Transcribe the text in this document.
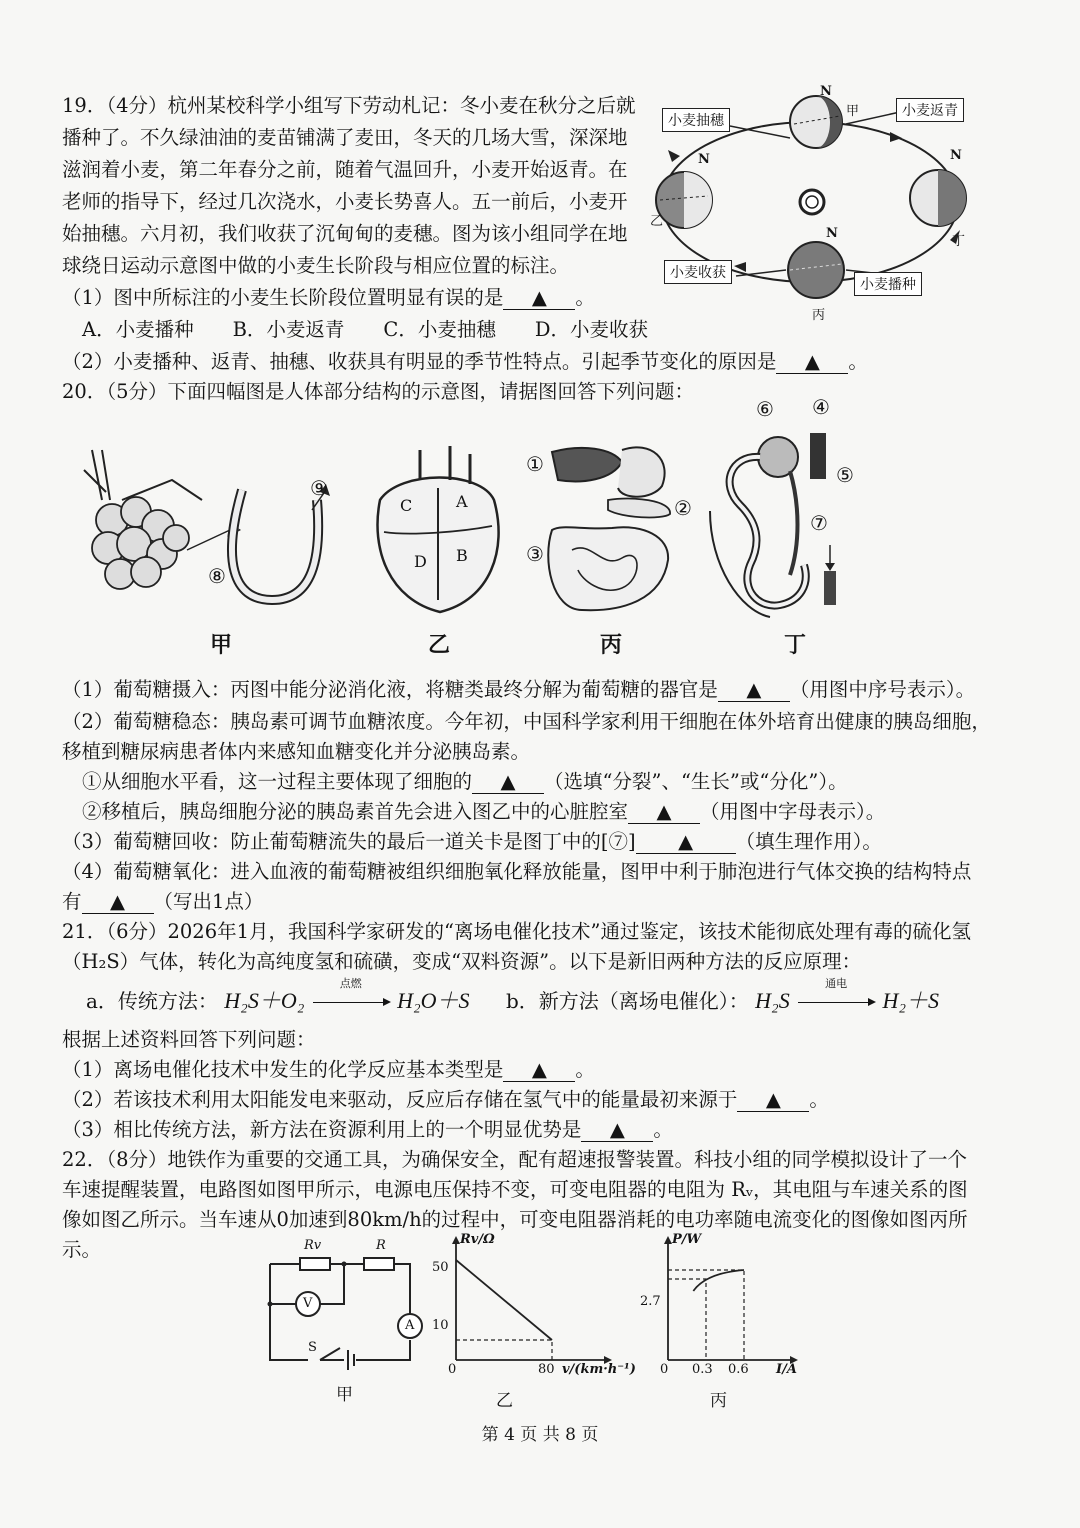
19．（4分）杭州某校科学小组写下劳动札记：冬小麦在秋分之后就
播种了。不久绿油油的麦苗铺满了麦田，冬天的几场大雪，深深地
滋润着小麦，第二年春分之前，随着气温回升，小麦开始返青。在
老师的指导下，经过几次浇水，小麦长势喜人。五一前后，小麦开
始抽穗。六月初，我们收获了沉甸甸的麦穗。图为该小组同学在地
球绕日运动示意图中做的小麦生长阶段与相应位置的标注。
（1）图中所标注的小麦生长阶段位置明显有误的是 ▲ 。
A．小麦播种　　B．小麦返青　　C．小麦抽穗　　D．小麦收获
（2）小麦播种、返青、抽穗、收获具有明显的季节性特点。引起季节变化的原因是 ▲ 。
小麦抽穗
小麦返青
小麦收获
小麦播种
甲
乙
丙
丁
N
N	N
N
20．（5分）下面四幅图是人体部分结构的示意图，请据图回答下列问题：
⑨
⑧
C	A
D B
①
②
③
⑥ ④
⑤
⑦
甲	乙	丙	丁
（1）葡萄糖摄入：丙图中能分泌消化液，将糖类最终分解为葡萄糖的器官是 ▲ （用图中序号表示）。
（2）葡萄糖稳态：胰岛素可调节血糖浓度。今年初，中国科学家利用干细胞在体外培育出健康的胰岛细胞，
移植到糖尿病患者体内来感知血糖变化并分泌胰岛素。
①从细胞水平看，这一过程主要体现了细胞的 ▲ （选填“分裂”、“生长”或“分化”）。
②移植后，胰岛细胞分泌的胰岛素首先会进入图乙中的心脏腔室 ▲ （用图中字母表示）。
（3）葡萄糖回收：防止葡萄糖流失的最后一道关卡是图丁中的[⑦] ▲ （填生理作用）。
（4）葡萄糖氧化：进入血液的葡萄糖被组织细胞氧化释放能量，图甲中利于肺泡进行气体交换的结构特点
有 ▲ （写出1点）
21．（6分）2026年1月，我国科学家研发的“离场电催化技术”通过鉴定，该技术能彻底处理有毒的硫化氢
（H₂S）气体，转化为高纯度氢和硫磺，变成“双料资源”。以下是新旧两种方法的反应原理：
a．传统方法： H₂S＋O₂
点燃
H₂O＋S b．新方法（离场电催化）： H₂S
通电
H₂＋S
根据上述资料回答下列问题：
（1）离场电催化技术中发生的化学反应基本类型是 ▲ 。
（2）若该技术利用太阳能发电来驱动，反应后存储在氢气中的能量最初来源于 ▲ 。
（3）相比传统方法，新方法在资源利用上的一个明显优势是 ▲ 。
22．（8分）地铁作为重要的交通工具，为确保安全，配有超速报警装置。科技小组的同学模拟设计了一个
车速提醒装置，电路图如图甲所示，电源电压保持不变，可变电阻器的电阻为 Rᵥ，其电阻与车速关系的图
像如图乙所示。当车速从0加速到80km/h的过程中，可变电阻器消耗的电功率随电流变化的图像如图丙所
示。	Rv	R
V
A
S
甲
Rv/Ω
50
10
0	80 v/(km·h⁻¹)
乙
P/W
2.7
0 0.3 0.6 I/A
丙
第 4 页 共 8 页
